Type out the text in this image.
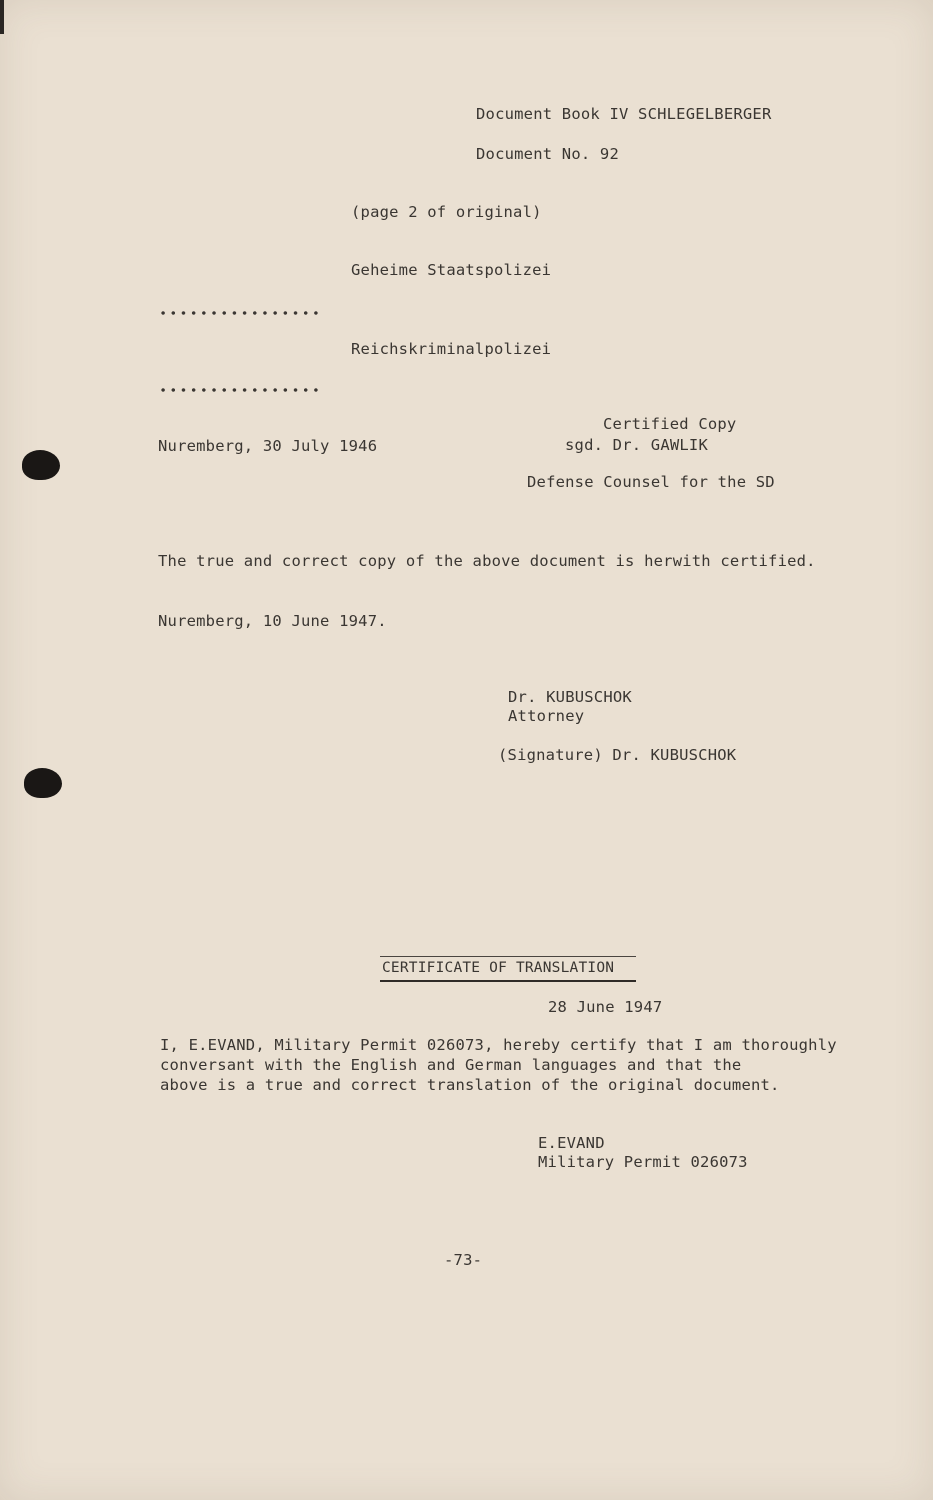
Document Book IV SCHLEGELBERGER

Document No. 92

(page 2 of original)

Geheime Staatspolizei

Reichskriminalpolizei

Certified Copy

Nuremberg, 30 July 1946	sgd. Dr. GAWLIK

Defense Counsel for the SD

The true and correct copy of the above document is herwith certified.

Nuremberg, 10 June 1947.

Dr. KUBUSCHOK

Attorney

(Signature) Dr. KUBUSCHOK

CERTIFICATE OF TRANSLATION

28 June 1947

I, E.EVAND, Military Permit 026073, hereby certify that I am thoroughly

conversant with the English and German languages and that the

above is a true and correct translation of the original document.

E.EVAND

Military Permit 026073

-73-
